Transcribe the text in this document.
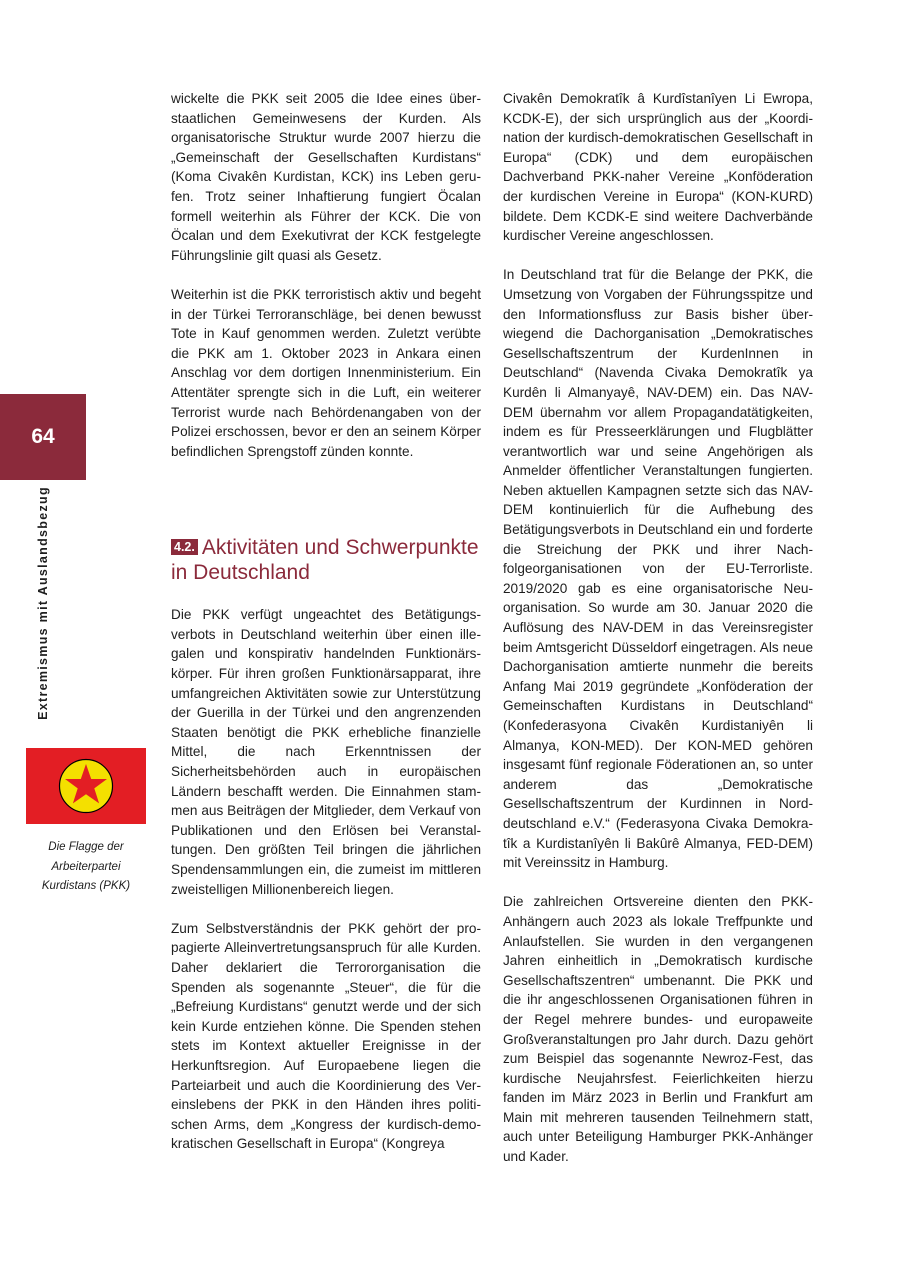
64
Extremismus mit Auslandsbezug
Die Flagge der Arbeiterpartei Kurdistans (PKK)

wickelte die PKK seit 2005 die Idee eines überstaatlichen Gemeinwesens der Kurden. Als organisatorische Struktur wurde 2007 hierzu die „Gemeinschaft der Gesellschaften Kurdistans“ (Koma Civakên Kurdistan, KCK) ins Leben gerufen. Trotz seiner Inhaftierung fungiert Öcalan formell weiterhin als Führer der KCK. Die von Öcalan und dem Exekutivrat der KCK festgelegte Führungslinie gilt quasi als Gesetz.

Weiterhin ist die PKK terroristisch aktiv und begeht in der Türkei Terroranschläge, bei denen bewusst Tote in Kauf genommen werden. Zuletzt verübte die PKK am 1. Oktober 2023 in Ankara einen Anschlag vor dem dortigen Innenministerium. Ein Attentäter sprengte sich in die Luft, ein weiterer Terrorist wurde nach Behördenangaben von der Polizei erschossen, bevor er den an seinem Körper befindlichen Sprengstoff zünden konnte.

4.2. Aktivitäten und Schwerpunkte in Deutschland

Die PKK verfügt ungeachtet des Betätigungsverbots in Deutschland weiterhin über einen illegalen und konspirativ handelnden Funktionärskörper. Für ihren großen Funktionärsapparat, ihre umfangreichen Aktivitäten sowie zur Unterstützung der Guerilla in der Türkei und den angrenzenden Staaten benötigt die PKK erhebliche finanzielle Mittel, die nach Erkenntnissen der Sicherheitsbehörden auch in europäischen Ländern beschafft werden. Die Einnahmen stammen aus Beiträgen der Mitglieder, dem Verkauf von Publikationen und den Erlösen bei Veranstaltungen. Den größten Teil bringen die jährlichen Spendensammlungen ein, die zumeist im mittleren zweistelligen Millionenbereich liegen.

Zum Selbstverständnis der PKK gehört der propagierte Alleinvertretungsanspruch für alle Kurden. Daher deklariert die Terrororganisation die Spenden als sogenannte „Steuer“, die für die „Befreiung Kurdistans“ genutzt werde und der sich kein Kurde entziehen könne. Die Spenden stehen stets im Kontext aktueller Ereignisse in der Herkunftsregion. Auf Europaebene liegen die Parteiarbeit und auch die Koordinierung des Vereinslebens der PKK in den Händen ihres politischen Arms, dem „Kongress der kurdisch-demokratischen Gesellschaft in Europa“ (Kongreya

Civakên Demokratîk â Kurdîstanîyen Li Ewropa, KCDK-E), der sich ursprünglich aus der „Koordination der kurdisch-demokratischen Gesellschaft in Europa“ (CDK) und dem europäischen Dachverband PKK-naher Vereine „Konföderation der kurdischen Vereine in Europa“ (KON-KURD) bildete. Dem KCDK-E sind weitere Dachverbände kurdischer Vereine angeschlossen.

In Deutschland trat für die Belange der PKK, die Umsetzung von Vorgaben der Führungsspitze und den Informationsfluss zur Basis bisher überwiegend die Dachorganisation „Demokratisches Gesellschaftszentrum der KurdenInnen in Deutschland“ (Navenda Civaka Demokratîk ya Kurdên li Almanyayê, NAV-DEM) ein. Das NAV-DEM übernahm vor allem Propagandatätigkeiten, indem es für Presseerklärungen und Flugblätter verantwortlich war und seine Angehörigen als Anmelder öffentlicher Veranstaltungen fungierten. Neben aktuellen Kampagnen setzte sich das NAV-DEM kontinuierlich für die Aufhebung des Betätigungsverbots in Deutschland ein und forderte die Streichung der PKK und ihrer Nachfolgeorganisationen von der EU-Terrorliste. 2019/2020 gab es eine organisatorische Neuorganisation. So wurde am 30. Januar 2020 die Auflösung des NAV-DEM in das Vereinsregister beim Amtsgericht Düsseldorf eingetragen. Als neue Dachorganisation amtierte nunmehr die bereits Anfang Mai 2019 gegründete „Konföderation der Gemeinschaften Kurdistans in Deutschland“ (Konfederasyona Civakên Kurdistaniyên li Almanya, KON-MED). Der KON-MED gehören insgesamt fünf regionale Föderationen an, so unter anderem das „Demokratische Gesellschaftszentrum der Kurdinnen in Norddeutschland e.V.“ (Federasyona Civaka Demokratîk a Kurdistanîyên li Bakûrê Almanya, FED-DEM) mit Vereinssitz in Hamburg.

Die zahlreichen Ortsvereine dienten den PKK-Anhängern auch 2023 als lokale Treffpunkte und Anlaufstellen. Sie wurden in den vergangenen Jahren einheitlich in „Demokratisch kurdische Gesellschaftszentren“ umbenannt. Die PKK und die ihr angeschlossenen Organisationen führen in der Regel mehrere bundes- und europaweite Großveranstaltungen pro Jahr durch. Dazu gehört zum Beispiel das sogenannte Newroz-Fest, das kurdische Neujahrsfest. Feierlichkeiten hierzu fanden im März 2023 in Berlin und Frankfurt am Main mit mehreren tausenden Teilnehmern statt, auch unter Beteiligung Hamburger PKK-Anhänger und Kader.
